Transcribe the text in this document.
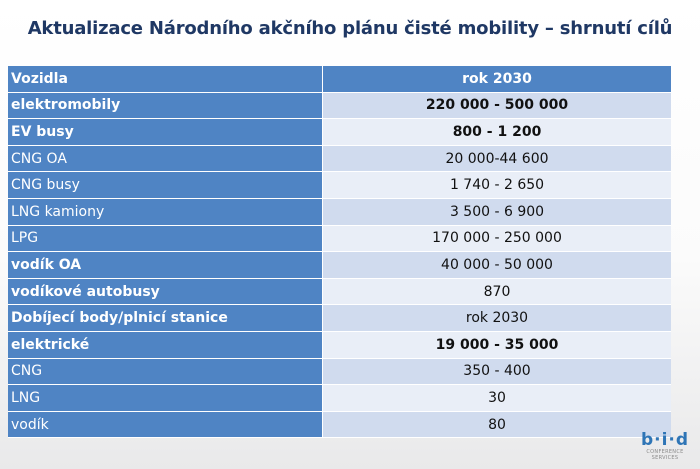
Aktualizace Národního akčního plánu čisté mobility – shrnutí cílů
Vozidla	rok 2030
elektromobily	220 000 - 500 000
EV busy	800 - 1 200
CNG OA	20 000-44 600
CNG busy	1 740 - 2 650
LNG kamiony	3 500 - 6 900
LPG	170 000 - 250 000
vodík OA	40 000 - 50 000
vodíkové autobusy	870
Dobíjecí body/plnicí stanice	rok 2030
elektrické	19 000 - 35 000
CNG	350 - 400
LNG	30
vodík	80
b·i·d
CONFERENCE SERVICES
